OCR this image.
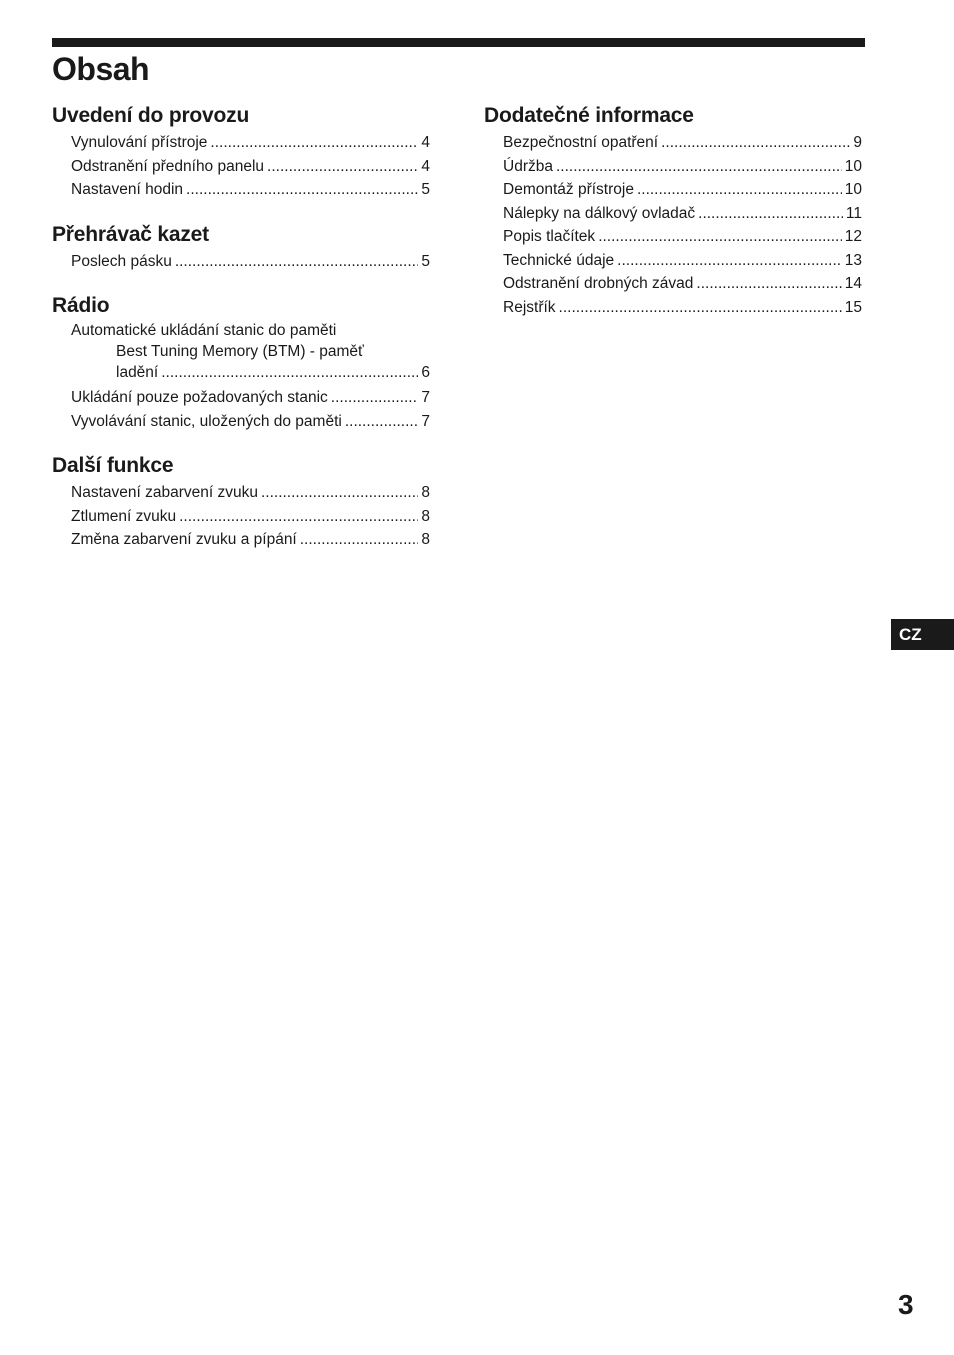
Obsah
Uvedení do provozu
Vynulování přístroje .....	4
Odstranění předního panelu .....	4
Nastavení hodin .....	5
Přehrávač kazet
Poslech pásku .....	5
Rádio
Automatické ukládání stanic do paměti
Best Tuning Memory (BTM) - paměť
ladění .....	6
Ukládání pouze požadovaných stanic .....	7
Vyvolávání stanic, uložených do paměti .....	7
Další funkce
Nastavení zabarvení zvuku .....	8
Ztlumení zvuku .....	8
Změna zabarvení zvuku a pípání .....	8
Dodatečné informace
Bezpečnostní opatření .....	9
Údržba .....	10
Demontáž přístroje .....	10
Nálepky na dálkový ovladač .....	11
Popis tlačítek .....	12
Technické údaje .....	13
Odstranění drobných závad .....	14
Rejstřík .....	15
CZ
3
